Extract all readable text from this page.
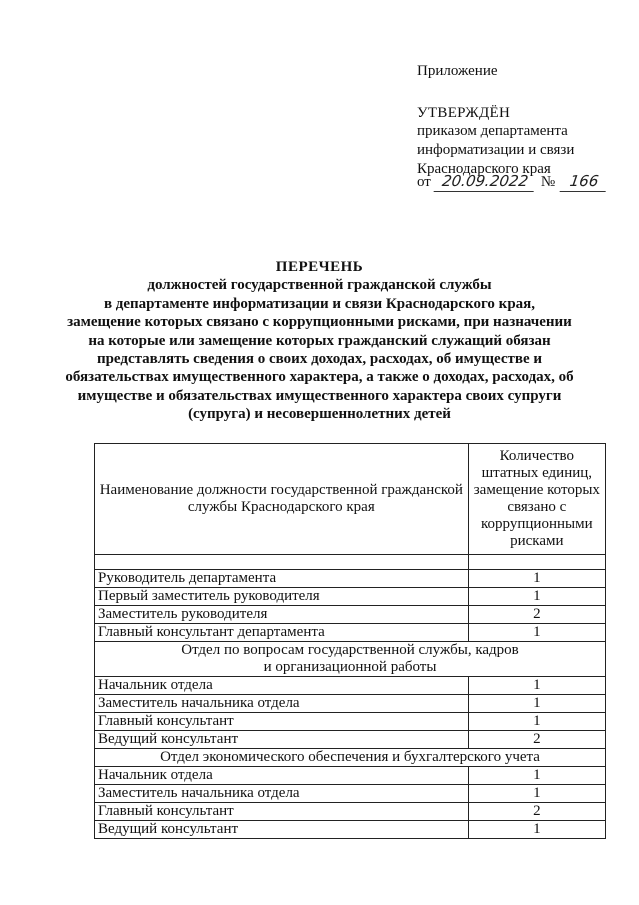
Приложение
УТВЕРЖДЁН
приказом департамента
информатизации и связи
Краснодарского края
от 20.09.2022 № 166
ПЕРЕЧЕНЬ
должностей государственной гражданской службы
в департаменте информатизации и связи Краснодарского края,
замещение которых связано с коррупционными рисками, при назначении
на которые или замещение которых гражданский служащий обязан
представлять сведения о своих доходах, расходах, об имуществе и
обязательствах имущественного характера, а также о доходах, расходах, об
имуществе и обязательствах имущественного характера своих супруги
(супруга) и несовершеннолетних детей
Наименование должности государственной гражданской службы Краснодарского края	Количество штатных единиц, замещение которых связано с коррупционными рисками

Руководитель департамента	1
Первый заместитель руководителя	1
Заместитель руководителя	2
Главный консультант департамента	1
Отдел по вопросам государственной службы, кадров
и организационной работы	
Начальник отдела	1
Заместитель начальника отдела	1
Главный консультант	1
Ведущий консультант	2
Отдел экономического обеспечения и бухгалтерского учета	
Начальник отдела	1
Заместитель начальника отдела	1
Главный консультант	2
Ведущий консультант	1
